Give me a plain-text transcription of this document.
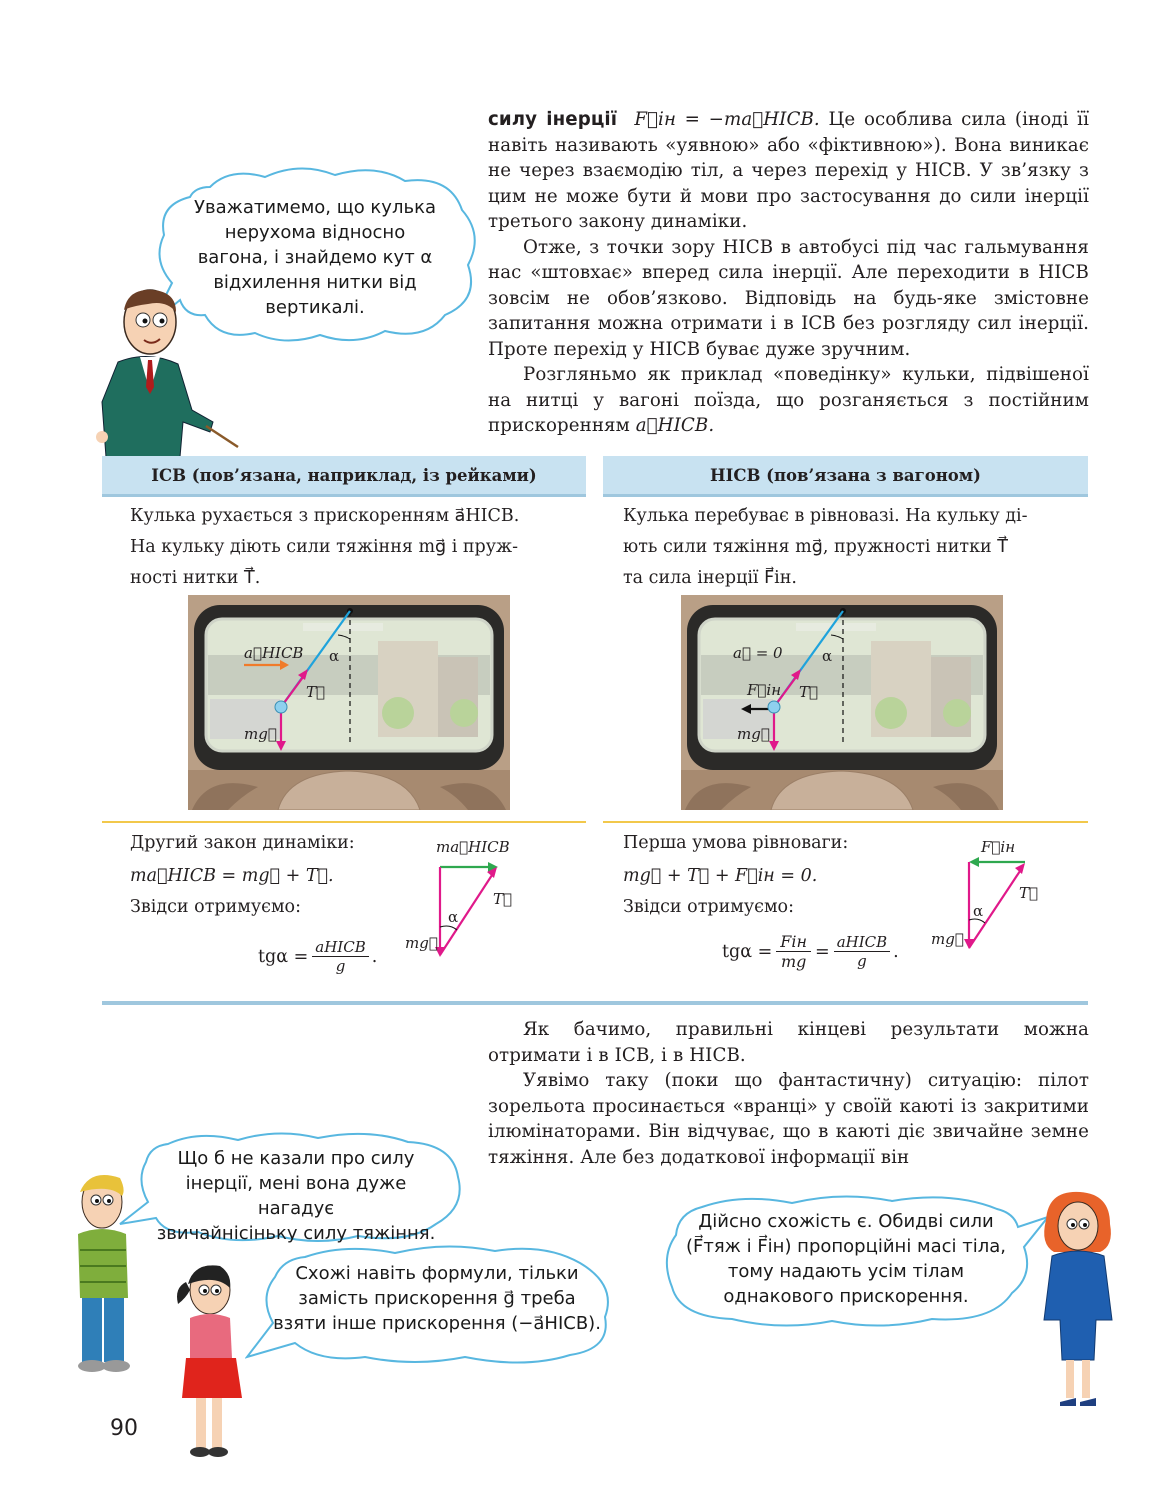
силу інерції F⃗ін = −ma⃗НІСВ. Це особлива сила (іноді її навіть називають «уявною» або «фіктивною»). Вона виникає не через взаємодію тіл, а через перехід у НІСВ. У зв’язку з цим не може бути й мови про застосування до сили інерції третього закону динаміки.

Отже, з точки зору НІСВ в автобусі під час гальмування нас «штовхає» вперед сила інерції. Але переходити в НІСВ зовсім не обов’язково. Відповідь на будь-яке змістовне запитання можна отримати і в ІСВ без розгляду сил інерції. Проте перехід у НІСВ буває дуже зручним.

Розгляньмо як приклад «поведінку» кульки, підвішеної на нитці у вагоні поїзда, що розганяється з постійним прискоренням a⃗НІСВ.

Уважатимемо, що кулька
нерухома відносно
вагона, і знайдемо кут α
відхилення нитки від
вертикалі.
ІСВ (пов’язана, наприклад, із рейками)	НІСВ (пов’язана з вагоном)
Кулька рухається з прискоренням a⃗НІСВ.
На кульку діють сили тяжіння mg⃗ і пруж-
ності нитки T⃗.
Кулька перебуває в рівновазі. На кульку ді-
ють сили тяжіння mg⃗, пружності нитки T⃗
та сила інерції F⃗ін.
a⃗НІСВ α
T⃗
mg⃗
a⃗ = 0	α
T⃗
F⃗ін
mg⃗
Другий закон динаміки:
ma⃗НІСВ = mg⃗ + T⃗.
Звідси отримуємо:
tgα = aНІСВ
g .
ma⃗НІСВ
T⃗
mg⃗
α
Перша умова рівноваги:
mg⃗ + T⃗ + F⃗ін = 0.
Звідси отримуємо:
tgα = Fін
mg = aНІСВ
g .
F⃗ін
T⃗
mg⃗
α

Як бачимо, правильні кінцеві результати можна отримати і в ІСВ, і в НІСВ.

Уявімо таку (поки що фантастичну) ситуацію: пілот зорельота просинається «вранці» у своїй каюті із закритими ілюмінаторами. Він відчуває, що в каюті діє звичайне земне тяжіння. Але без додаткової інформації він

Що б не казали про силу
інерції, мені вона дуже нагадує
звичайнісіньку силу тяжіння.
Схожі навіть формули, тільки
замість прискорення g⃗ треба
взяти інше прискорення (−a⃗НІСВ).
Дійсно схожість є. Обидві сили
(F⃗тяж і F⃗ін) пропорційні масі тіла,
тому надають усім тілам
однакового прискорення.
90
